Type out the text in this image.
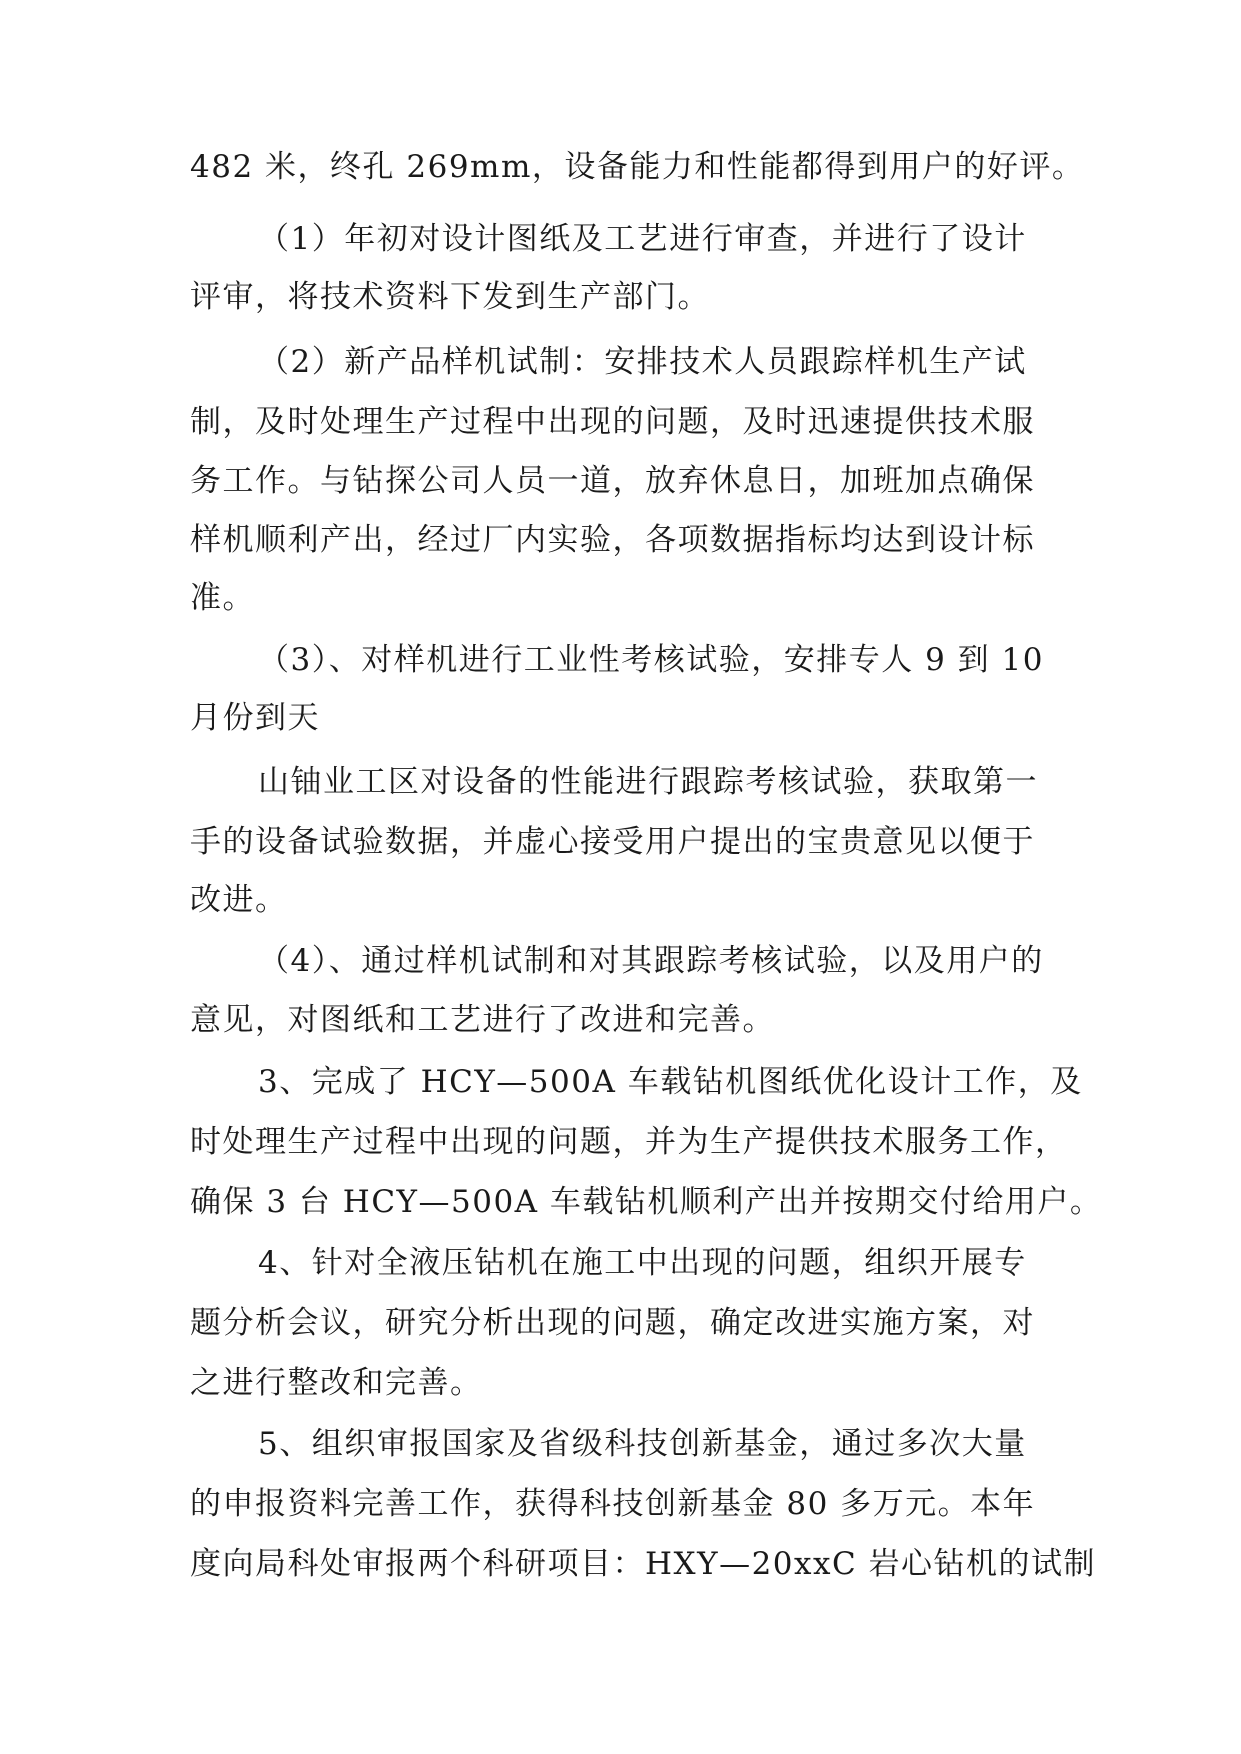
482 米，终孔 269mm，设备能力和性能都得到用户的好评。

（1）年初对设计图纸及工艺进行审查，并进行了设计

评审，将技术资料下发到生产部门。

（2）新产品样机试制：安排技术人员跟踪样机生产试

制，及时处理生产过程中出现的问题，及时迅速提供技术服

务工作。与钻探公司人员一道，放弃休息日，加班加点确保

样机顺利产出，经过厂内实验，各项数据指标均达到设计标

准。

（3）、对样机进行工业性考核试验，安排专人 9 到 10

月份到天

山铀业工区对设备的性能进行跟踪考核试验，获取第一

手的设备试验数据，并虚心接受用户提出的宝贵意见以便于

改进。

（4）、通过样机试制和对其跟踪考核试验，以及用户的

意见，对图纸和工艺进行了改进和完善。

3、完成了 HCY—500A 车载钻机图纸优化设计工作，及

时处理生产过程中出现的问题，并为生产提供技术服务工作，

确保 3 台 HCY—500A 车载钻机顺利产出并按期交付给用户。

4、针对全液压钻机在施工中出现的问题，组织开展专

题分析会议，研究分析出现的问题，确定改进实施方案，对

之进行整改和完善。

5、组织审报国家及省级科技创新基金，通过多次大量

的申报资料完善工作，获得科技创新基金 80 多万元。本年

度向局科处审报两个科研项目：HXY—20xxC 岩心钻机的试制
